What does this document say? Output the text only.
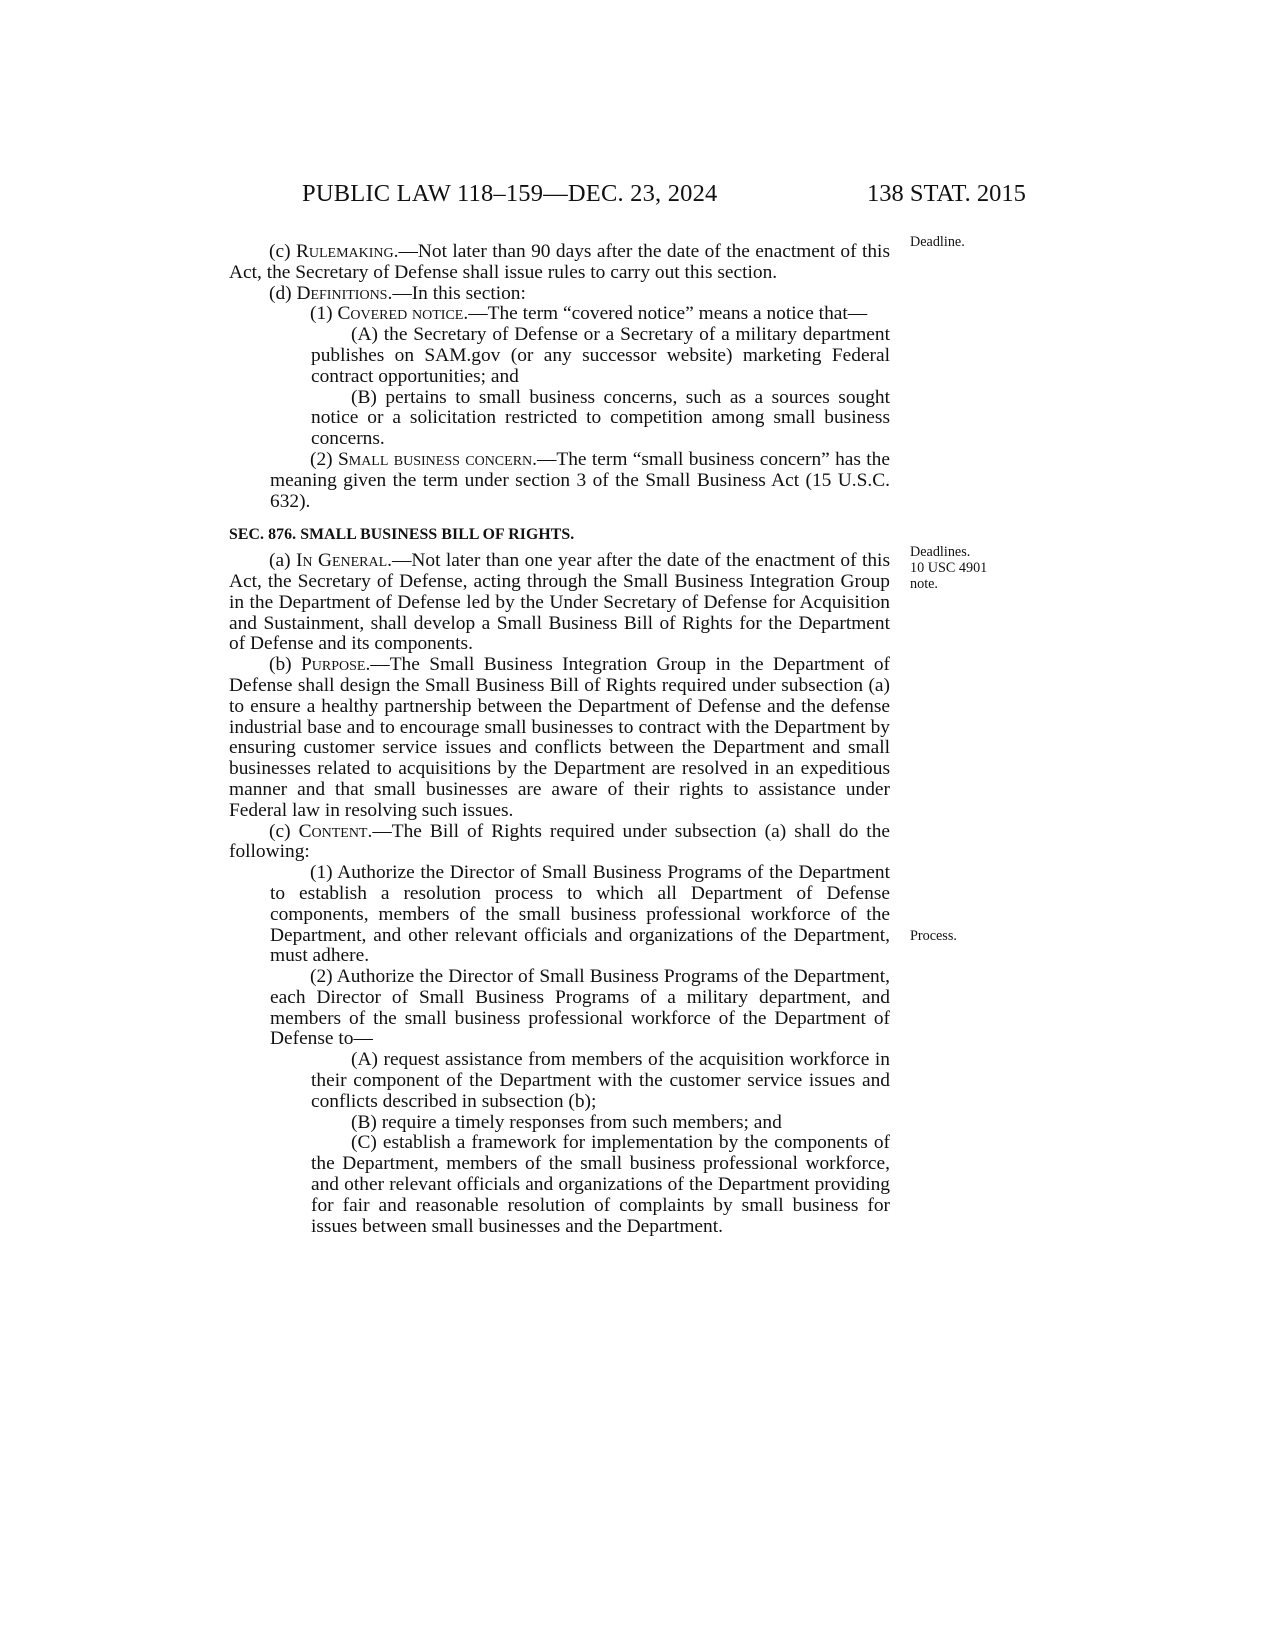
PUBLIC LAW 118–159—DEC. 23, 2024	138 STAT. 2015
Deadline.
Deadlines.
10 USC 4901
note.
Process.

(c) Rulemaking.—Not later than 90 days after the date of the enactment of this Act, the Secretary of Defense shall issue rules to carry out this section.

(d) Definitions.—In this section:

(1) Covered notice.—The term “covered notice” means a notice that—

(A) the Secretary of Defense or a Secretary of a military department publishes on SAM.gov (or any successor website) marketing Federal contract opportunities; and

(B) pertains to small business concerns, such as a sources sought notice or a solicitation restricted to competition among small business concerns.

(2) Small business concern.—The term “small business concern” has the meaning given the term under section 3 of the Small Business Act (15 U.S.C. 632).

SEC. 876. SMALL BUSINESS BILL OF RIGHTS.

(a) In General.—Not later than one year after the date of the enactment of this Act, the Secretary of Defense, acting through the Small Business Integration Group in the Department of Defense led by the Under Secretary of Defense for Acquisition and Sustainment, shall develop a Small Business Bill of Rights for the Department of Defense and its components.

(b) Purpose.—The Small Business Integration Group in the Department of Defense shall design the Small Business Bill of Rights required under subsection (a) to ensure a healthy partnership between the Department of Defense and the defense industrial base and to encourage small businesses to contract with the Department by ensuring customer service issues and conflicts between the Department and small businesses related to acquisitions by the Department are resolved in an expeditious manner and that small businesses are aware of their rights to assistance under Federal law in resolving such issues.

(c) Content.—The Bill of Rights required under subsection (a) shall do the following:

(1) Authorize the Director of Small Business Programs of the Department to establish a resolution process to which all Department of Defense components, members of the small business professional workforce of the Department, and other relevant officials and organizations of the Department, must adhere.

(2) Authorize the Director of Small Business Programs of the Department, each Director of Small Business Programs of a military department, and members of the small business professional workforce of the Department of Defense to—

(A) request assistance from members of the acquisition workforce in their component of the Department with the customer service issues and conflicts described in subsection (b);

(B) require a timely responses from such members; and

(C) establish a framework for implementation by the components of the Department, members of the small business professional workforce, and other relevant officials and organizations of the Department providing for fair and reasonable resolution of complaints by small business for issues between small businesses and the Department.
